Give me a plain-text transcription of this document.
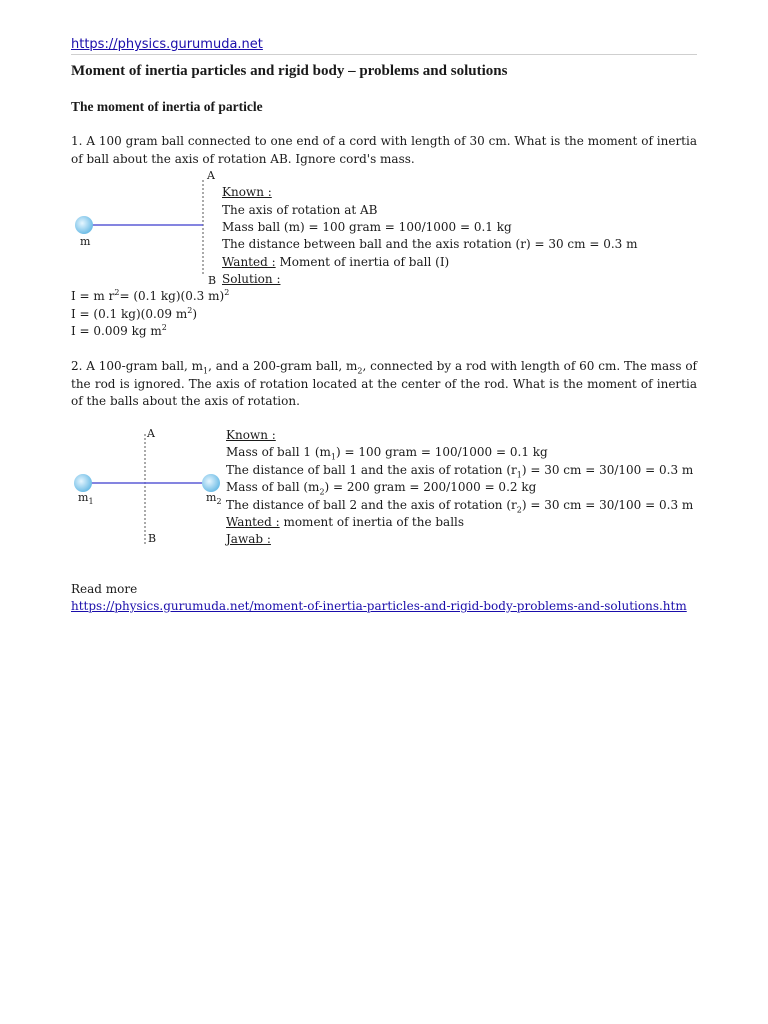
https://physics.gurumuda.net
Moment of inertia particles and rigid body – problems and solutions
The moment of inertia of particle
1. A 100 gram ball connected to one end of a cord with length of 30 cm. What is the moment of inertia of ball about the axis of rotation AB. Ignore cord's mass.
A
B
m
Known :
The axis of rotation at AB
Mass ball (m) = 100 gram = 100/1000 = 0.1 kg
The distance between ball and the axis rotation (r) = 30 cm = 0.3 m
Wanted : Moment of inertia of ball (I)
Solution :
I = m $r^2= (0.1$ kg)(0.3 m)$^2$
I = (0.1 kg)(0.09 $m^2$)
I = 0.009 kg $m^2$
2. A 100-gram ball, $m_1$, and a 200-gram ball, $m_2$, connected by a rod with length of 60 cm. The mass of the rod is ignored. The axis of rotation located at the center of the rod. What is the moment of inertia of the balls about the axis of rotation.
A
B
$m_1$	$m_2$
Known :
Mass of ball 1 $(m_1) = 100$ gram = 100/1000 = 0.1 kg
The distance of ball 1 and the axis of rotation $(r_1) = 30$ cm = 30/100 = 0.3 m
Mass of ball $(m_2) = 200$ gram = 200/1000 = 0.2 kg
The distance of ball 2 and the axis of rotation $(r_2) = 30$ cm = 30/100 = 0.3 m
Wanted : moment of inertia of the balls
Jawab :
Read more
https://physics.gurumuda.net/moment-of-inertia-particles-and-rigid-body-problems-and-solutions.htm
